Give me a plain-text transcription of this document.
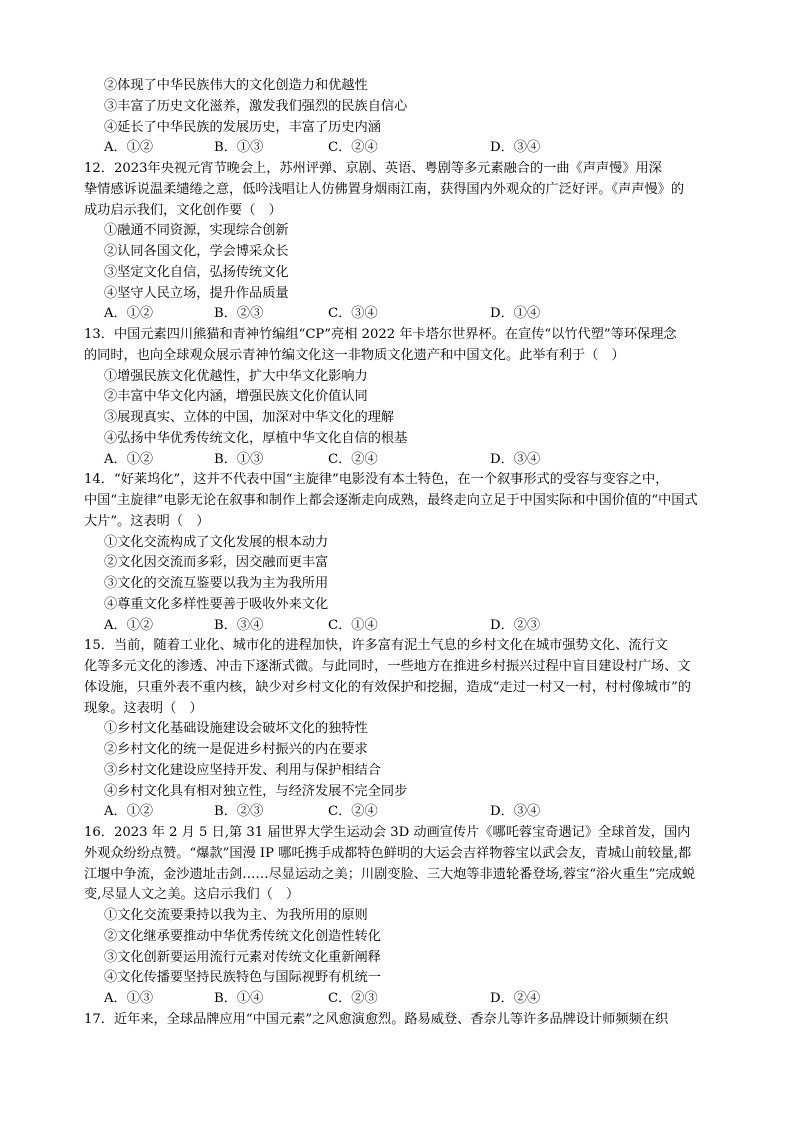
②体现了中华民族伟大的文化创造力和优越性
③丰富了历史文化滋养，激发我们强烈的民族自信心
④延长了中华民族的发展历史，丰富了历史内涵
A．①②	B．①③	C．②④	D．③④
12．2023年央视元宵节晚会上，苏州评弹、京剧、英语、粤剧等多元素融合的一曲《声声慢》用深
挚情感诉说温柔缱绻之意，低吟浅唱让人仿佛置身烟雨江南，获得国内外观众的广泛好评。《声声慢》的
成功启示我们，文化创作要（　）
①融通不同资源，实现综合创新
②认同各国文化，学会博采众长
③坚定文化自信，弘扬传统文化
④坚守人民立场，提升作品质量
A．①②	B．②③	C．③④	D．①④
13．中国元素四川熊猫和青神竹编组“CP”亮相 2022 年卡塔尔世界杯。在宣传“以竹代塑”等环保理念
的同时，也向全球观众展示青神竹编文化这一非物质文化遗产和中国文化。此举有利于（　）
①增强民族文化优越性，扩大中华文化影响力
②丰富中华文化内涵，增强民族文化价值认同
③展现真实、立体的中国，加深对中华文化的理解
④弘扬中华优秀传统文化，厚植中华文化自信的根基
A．①②	B．①③	C．②④	D．③④
14．“好莱坞化”，这并不代表中国“主旋律”电影没有本土特色，在一个叙事形式的受容与变容之中，
中国“主旋律”电影无论在叙事和制作上都会逐渐走向成熟，最终走向立足于中国实际和中国价值的“中国式
大片”。这表明（　）
①文化交流构成了文化发展的根本动力
②文化因交流而多彩，因交融而更丰富
③文化的交流互鉴要以我为主为我所用
④尊重文化多样性要善于吸收外来文化
A．①②	B．③④	C．①④	D．②③
15．当前，随着工业化、城市化的进程加快，许多富有泥土气息的乡村文化在城市强势文化、流行文
化等多元文化的渗透、冲击下逐渐式微。与此同时，一些地方在推进乡村振兴过程中盲目建设村广场、文
体设施，只重外表不重内核，缺少对乡村文化的有效保护和挖掘，造成“走过一村又一村，村村像城市”的
现象。这表明（　）
①乡村文化基础设施建设会破坏文化的独特性
②乡村文化的统一是促进乡村振兴的内在要求
③乡村文化建设应坚持开发、利用与保护相结合
④乡村文化具有相对独立性，与经济发展不完全同步
A．①②	B．②③	C．②④	D．③④
16．2023 年 2 月 5 日,第 31 届世界大学生运动会 3D 动画宣传片《哪吒蓉宝奇遇记》全球首发，国内
外观众纷纷点赞。“爆款”国漫 IP 哪吒携手成都特色鲜明的大运会吉祥物蓉宝以武会友，青城山前较量,都
江堰中争流，金沙遗址击剑……尽显运动之美；川剧变脸、三大炮等非遗轮番登场,蓉宝“浴火重生”完成蜕
变,尽显人文之美。这启示我们（　）
①文化交流要秉持以我为主、为我所用的原则
②文化继承要推动中华优秀传统文化创造性转化
③文化创新要运用流行元素对传统文化重新阐释
④文化传播要坚持民族特色与国际视野有机统一
A．①③	B．①④	C．②③	D．②④
17．近年来，全球品牌应用“中国元素”之风愈演愈烈。路易威登、香奈儿等许多品牌设计师频频在织
